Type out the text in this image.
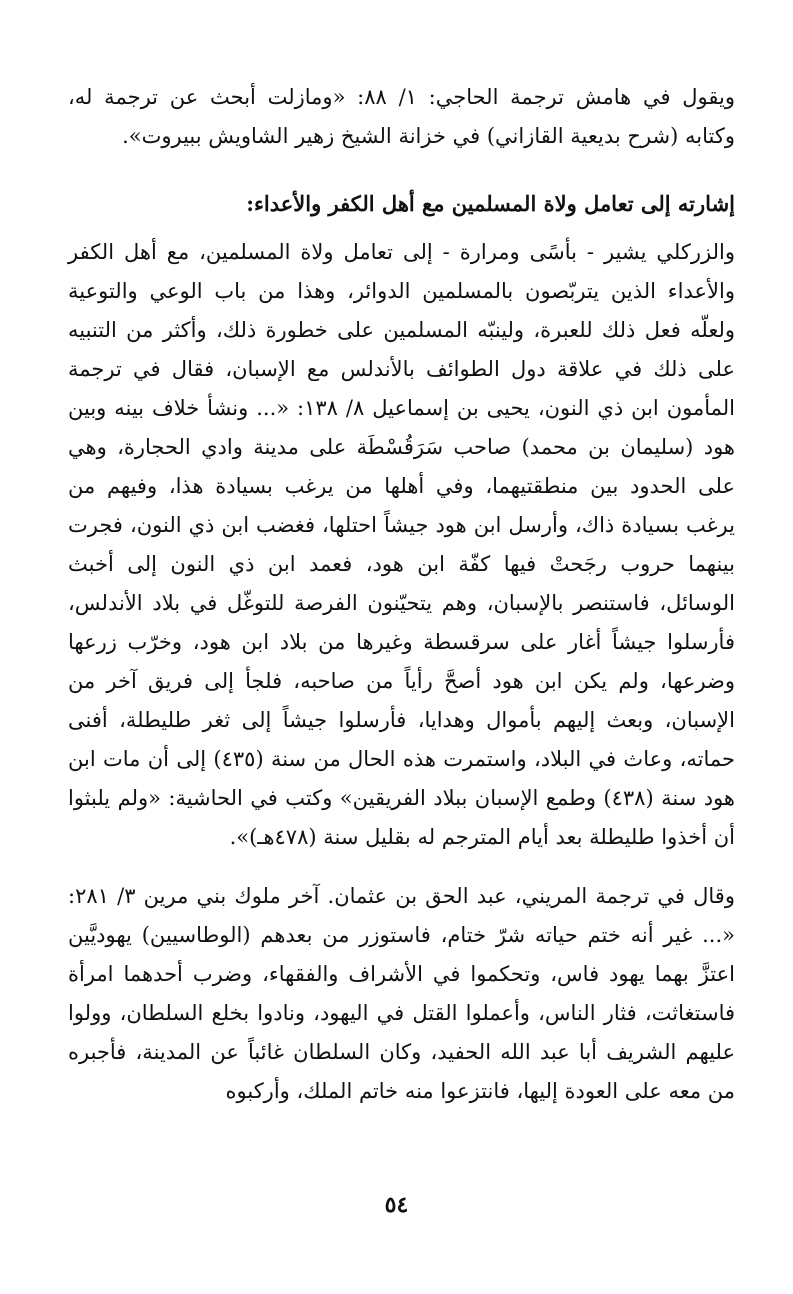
ويقول في هامش ترجمة الحاجي: ١/ ٨٨: «ومازلت أبحث عن ترجمة له، وكتابه (شرح بديعية القازاني) في خزانة الشيخ زهير الشاويش ببيروت».

إشارته إلى تعامل ولاة المسلمين مع أهل الكفر والأعداء:

والزركلي يشير - بأسًى ومرارة - إلى تعامل ولاة المسلمين، مع أهل الكفر والأعداء الذين يتربّصون بالمسلمين الدوائر، وهذا من باب الوعي والتوعية ولعلّه فعل ذلك للعبرة، ولينبّه المسلمين على خطورة ذلك، وأكثر من التنبيه على ذلك في علاقة دول الطوائف بالأندلس مع الإسبان، فقال في ترجمة المأمون ابن ذي النون، يحيى بن إسماعيل ٨/ ١٣٨: «... ونشأ خلاف بينه وبين هود (سليمان بن محمد) صاحب سَرَقُسْطَة على مدينة وادي الحجارة، وهي على الحدود بين منطقتيهما، وفي أهلها من يرغب بسيادة هذا، وفيهم من يرغب بسيادة ذاك، وأرسل ابن هود جيشاً احتلها، فغضب ابن ذي النون، فجرت بينهما حروب رجَحتْ فيها كفّة ابن هود، فعمد ابن ذي النون إلى أخبث الوسائل، فاستنصر بالإسبان، وهم يتحيّنون الفرصة للتوغّل في بلاد الأندلس، فأرسلوا جيشاً أغار على سرقسطة وغيرها من بلاد ابن هود، وخرّب زرعها وضرعها، ولم يكن ابن هود أصحَّ رأياً من صاحبه، فلجأ إلى فريق آخر من الإسبان، وبعث إليهم بأموال وهدايا، فأرسلوا جيشاً إلى ثغر طليطلة، أفنى حماته، وعاث في البلاد، واستمرت هذه الحال من سنة (٤٣٥) إلى أن مات ابن هود سنة (٤٣٨) وطمع الإسبان ببلاد الفريقين» وكتب في الحاشية: «ولم يلبثوا أن أخذوا طليطلة بعد أيام المترجم له بقليل سنة (٤٧٨هـ)».

وقال في ترجمة المريني، عبد الحق بن عثمان. آخر ملوك بني مرين ٣/ ٢٨١: «... غير أنه ختم حياته شرّ ختام، فاستوزر من بعدهم (الوطاسيين) يهوديَّين اعتزَّ بهما يهود فاس، وتحكموا في الأشراف والفقهاء، وضرب أحدهما امرأة فاستغاثت، فثار الناس، وأعملوا القتل في اليهود، ونادوا بخلع السلطان، وولوا عليهم الشريف أبا عبد الله الحفيد، وكان السلطان غائباً عن المدينة، فأجبره من معه على العودة إليها، فانتزعوا منه خاتم الملك، وأركبوه

٥٤
